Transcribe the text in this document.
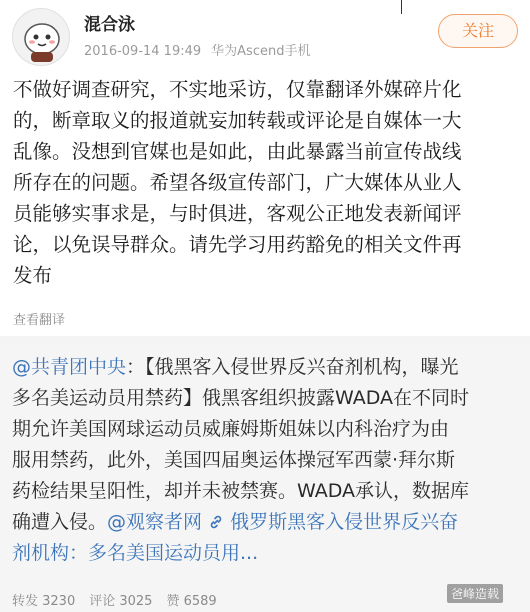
混合泳
2016-09-14 19:49 华为Ascend手机
关注
不做好调查研究，不实地采访，仅靠翻译外媒碎片化
的，断章取义的报道就妄加转载或评论是自媒体一大
乱像。没想到官媒也是如此，由此暴露当前宣传战线
所存在的问题。希望各级宣传部门，广大媒体从业人
员能够实事求是，与时俱进，客观公正地发表新闻评
论，以免误导群众。请先学习用药豁免的相关文件再
发布
查看翻译
@共青团中央：【俄黑客入侵世界反兴奋剂机构，曝光
多名美运动员用禁药】俄黑客组织披露WADA在不同时
期允许美国网球运动员威廉姆斯姐妹以内科治疗为由
服用禁药，此外，美国四届奥运体操冠军西蒙·拜尔斯
药检结果呈阳性，却并未被禁赛。WADA承认，数据库
确遭入侵。@观察者网 俄罗斯黑客入侵世界反兴奋
剂机构：多名美国运动员用...
转发 3230 评论 3025 赞 6589	爸峰造载
